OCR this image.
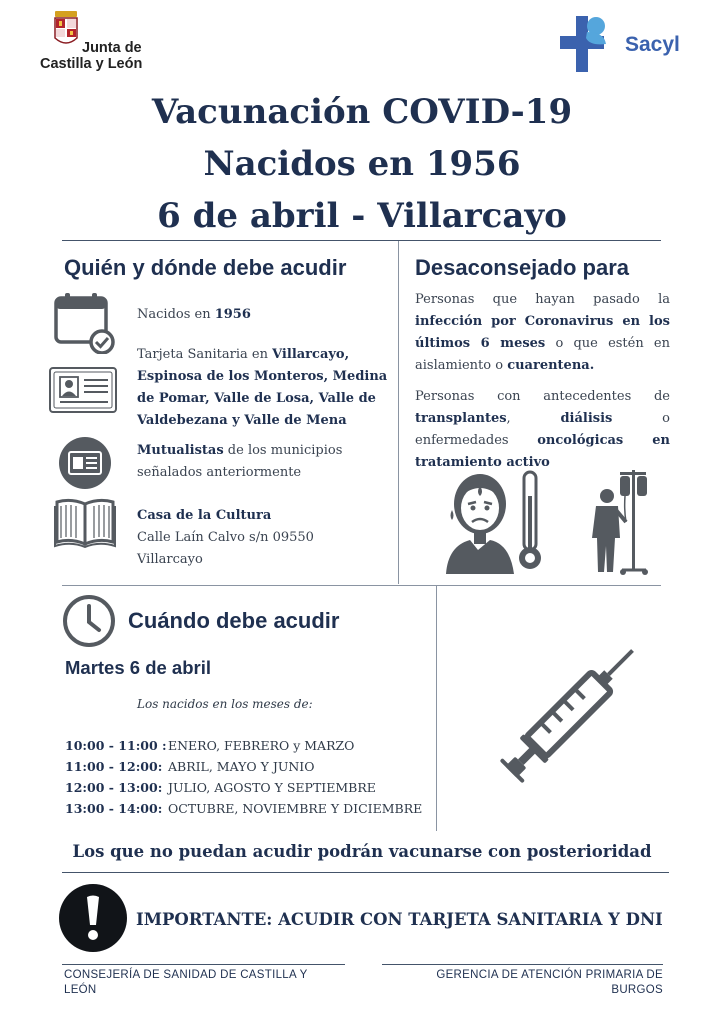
Junta de
Castilla y León
Sacyl
Vacunación COVID-19
Nacidos en 1956
6 de abril - Villarcayo
Quién y dónde debe acudir
Nacidos en 1956
Tarjeta Sanitaria en Villarcayo, Espinosa de los Monteros, Medina de Pomar, Valle de Losa, Valle de Valdebezana y Valle de Mena
Mutualistas de los municipios señalados anteriormente
Casa de la Cultura
Calle Laín Calvo s/n 09550
Villarcayo
Desaconsejado para
Personas que hayan pasado la infección por Coronavirus en los últimos 6 meses o que estén en aislamiento o cuarentena.
Personas con antecedentes de transplantes, diálisis o enfermedades oncológicas en tratamiento activo
Cuándo debe acudir
Martes 6 de abril
Los nacidos en los meses de:
10:00 - 11:00 :ENERO, FEBRERO y MARZO
11:00 - 12:00: ABRIL, MAYO Y JUNIO
12:00 - 13:00: JULIO, AGOSTO Y SEPTIEMBRE
13:00 - 14:00: OCTUBRE, NOVIEMBRE Y DICIEMBRE
Los que no puedan acudir podrán vacunarse con posterioridad
IMPORTANTE: ACUDIR CON TARJETA SANITARIA Y DNI
CONSEJERÍA DE SANIDAD DE CASTILLA Y
LEÓN
GERENCIA DE ATENCIÓN PRIMARIA DE
BURGOS
